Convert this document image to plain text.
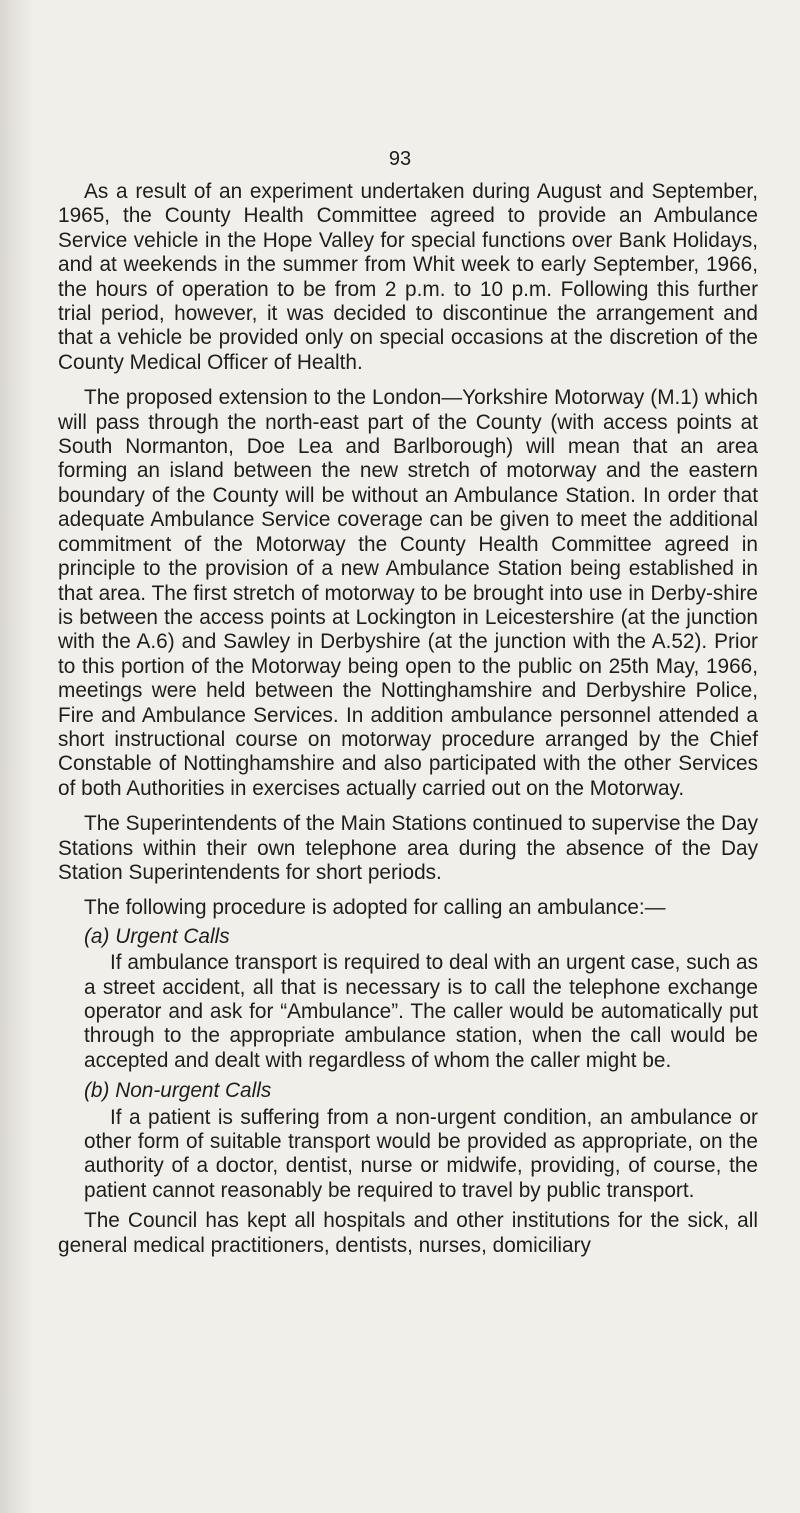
93

As a result of an experiment undertaken during August and September, 1965, the County Health Committee agreed to provide an Ambulance Service vehicle in the Hope Valley for special functions over Bank Holidays, and at weekends in the summer from Whit week to early September, 1966, the hours of operation to be from 2 p.m. to 10 p.m. Following this further trial period, however, it was decided to discontinue the arrangement and that a vehicle be provided only on special occasions at the discretion of the County Medical Officer of Health.

The proposed extension to the London—Yorkshire Motorway (M.1) which will pass through the north-east part of the County (with access points at South Normanton, Doe Lea and Barlborough) will mean that an area forming an island between the new stretch of motorway and the eastern boundary of the County will be without an Ambulance Station. In order that adequate Ambulance Service coverage can be given to meet the additional commitment of the Motorway the County Health Committee agreed in principle to the provision of a new Ambulance Station being established in that area. The first stretch of motorway to be brought into use in Derby-shire is between the access points at Lockington in Leicestershire (at the junction with the A.6) and Sawley in Derbyshire (at the junction with the A.52). Prior to this portion of the Motorway being open to the public on 25th May, 1966, meetings were held between the Nottinghamshire and Derbyshire Police, Fire and Ambulance Services. In addition ambulance personnel attended a short instructional course on motorway procedure arranged by the Chief Constable of Nottinghamshire and also participated with the other Services of both Authorities in exercises actually carried out on the Motorway.

The Superintendents of the Main Stations continued to supervise the Day Stations within their own telephone area during the absence of the Day Station Superintendents for short periods.

The following procedure is adopted for calling an ambulance:—

(a) Urgent Calls

If ambulance transport is required to deal with an urgent case, such as a street accident, all that is necessary is to call the telephone exchange operator and ask for “Ambulance”. The caller would be automatically put through to the appropriate ambulance station, when the call would be accepted and dealt with regardless of whom the caller might be.

(b) Non-urgent Calls

If a patient is suffering from a non-urgent condition, an ambulance or other form of suitable transport would be provided as appropriate, on the authority of a doctor, dentist, nurse or midwife, providing, of course, the patient cannot reasonably be required to travel by public transport.

The Council has kept all hospitals and other institutions for the sick, all general medical practitioners, dentists, nurses, domiciliary
